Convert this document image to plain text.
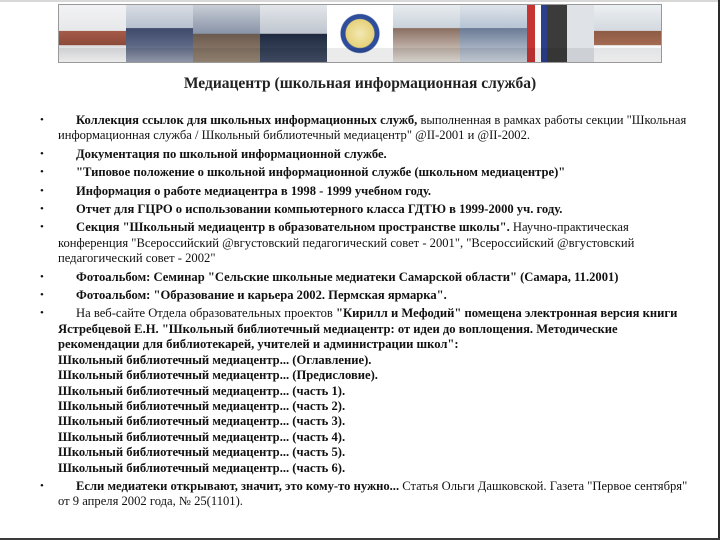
Медиацентр (школьная информационная служба)
•	Коллекция ссылок для школьных информационных служб, выполненная в рамках работы секции "Школьная информационная служба / Школьный библиотечный медиацентр" @II-2001 и @II-2002.
•	Документация по школьной информационной службе.
•	"Типовое положение о школьной информационной службе (школьном медиацентре)"
•	Информация о работе медиацентра в 1998 - 1999 учебном году.
•	Отчет для ГЦРО о использовании компьютерного класса ГДТЮ в 1999-2000 уч. году.
•	Секция "Школьный медиацентр в образовательном пространстве школы". Научно-практическая конференция "Всероссийский @вгустовский педагогический совет - 2001", "Всероссийский @вгустовский педагогический совет - 2002"
•	Фотоальбом: Семинар "Сельские школьные медиатеки Самарской области" (Самара, 11.2001)
•	Фотоальбом: "Образование и карьера 2002. Пермская ярмарка".
•	На веб-сайте Отдела образовательных проектов "Кирилл и Мефодий" помещена электронная версия книги Ястребцевой Е.Н. "Школьный библиотечный медиацентр: от идеи до воплощения. Методические рекомендации для библиотекарей, учителей и администрации школ":
Школьный библиотечный медиацентр... (Оглавление).
Школьный библиотечный медиацентр... (Предисловие).
Школьный библиотечный медиацентр... (часть 1).
Школьный библиотечный медиацентр... (часть 2).
Школьный библиотечный медиацентр... (часть 3).
Школьный библиотечный медиацентр... (часть 4).
Школьный библиотечный медиацентр... (часть 5).
Школьный библиотечный медиацентр... (часть 6).
•	Если медиатеки открывают, значит, это кому-то нужно... Статья Ольги Дашковской. Газета "Первое сентября" от 9 апреля 2002 года, № 25(1101).
